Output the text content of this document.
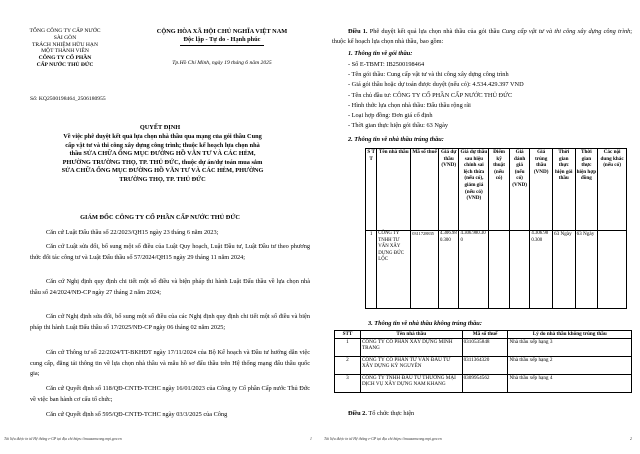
TỔNG CÔNG TY CẤP NƯỚC
SÀI GÒN
TRÁCH NHIỆM HỮU HẠN
MỘT THÀNH VIÊN
CÔNG TY CỔ PHẦN
CẤP NƯỚC THỦ ĐỨC
CỘNG HÒA XÃ HỘI CHỦ NGHĨA VIỆT NAM
Độc lập - Tự do - Hạnh phúc
Tp.Hồ Chí Minh, ngày 19 tháng 6 năm 2025
Số: KQ2500198464_2506180955
QUYẾT ĐỊNH
Về việc phê duyệt kết quả lựa chọn nhà thầu qua mạng của gói thầu Cung
cấp vật tư và thi công xây dựng công trình; thuộc kế hoạch lựa chọn nhà
thầu SỬA CHỮA ỐNG MỤC ĐƯỜNG HỒ VĂN TƯ VÀ CÁC HẺM,
PHƯỜNG TRƯỜNG THỌ, TP. THỦ ĐỨC, thuộc dự án/dự toán mua sắm
SỬA CHỮA ỐNG MỤC ĐƯỜNG HỒ VĂN TƯ VÀ CÁC HẺM, PHƯỜNG
TRƯỜNG THỌ, TP. THỦ ĐỨC
GIÁM ĐỐC CÔNG TY CỔ PHẦN CẤP NƯỚC THỦ ĐỨC
Căn cứ Luật Đấu thầu số 22/2023/QH15 ngày 23 tháng 6 năm 2023;
Căn cứ Luật sửa đổi, bổ sung một số điều của Luật Quy hoạch, Luật Đầu tư, Luật Đầu tư theo phương thức đối tác công tư và Luật Đấu thầu số 57/2024/QH15 ngày 29 tháng 11 năm 2024;
Căn cứ Nghị định quy định chi tiết một số điều và biện pháp thi hành Luật Đấu thầu về lựa chọn nhà thầu số 24/2024/NĐ-CP ngày 27 tháng 2 năm 2024;
Căn cứ Nghị định sửa đổi, bổ sung một số điều của các Nghị định quy định chi tiết một số điều và biện pháp thi hành Luật Đấu thầu số 17/2025/NĐ-CP ngày 06 tháng 02 năm 2025;
Căn cứ Thông tư số 22/2024/TT-BKHĐT ngày 17/11/2024 của Bộ Kế hoạch và Đầu tư hướng dẫn việc cung cấp, đăng tải thông tin về lựa chọn nhà thầu và mẫu hồ sơ đấu thầu trên Hệ thống mạng đấu thầu quốc gia;
Căn cứ Quyết định số 118/QĐ-CNTĐ-TCHC ngày 16/01/2023 của Công ty Cổ phần Cấp nước Thủ Đức về việc ban hành cơ cấu tổ chức;
Căn cứ Quyết định số 595/QĐ-CNTĐ-TCHC ngày 03/3/2025 của Công
Tài liệu được in từ Hệ thống e-GP tại địa chỉ https://muasamcong.mpi.gov.vn	1
Điều 1. Phê duyệt kết quả lựa chọn nhà thầu của gói thầu Cung cấp vật tư và thi công xây dựng công trình; thuộc kế hoạch lựa chọn nhà thầu, bao gồm:
1. Thông tin về gói thầu:
- Số E-TBMT: IB2500198464
- Tên gói thầu: Cung cấp vật tư và thi công xây dựng công trình
- Giá gói thầu hoặc dự toán được duyệt (nếu có): 4.534.429.397 VND
- Tên chủ đầu tư: CÔNG TY CỔ PHẦN CẤP NƯỚC THỦ ĐỨC
- Hình thức lựa chọn nhà thầu: Đấu thầu rộng rãi
- Loại hợp đồng: Đơn giá cố định
- Thời gian thực hiện gói thầu: 63 Ngày
2. Thông tin về nhà thầu trúng thầu:
S T T	Tên nhà thầu	Mã số thuế	Giá dự thầu (VND)	Giá dự thầu sau hiệu chỉnh sai lệch thừa (nếu có), giảm giá (nếu có) (VND)	Điểm kỹ thuật (nếu có)	Giá đánh giá (nếu có) (VND)	Giá trúng thầu (VND)	Thời gian thực hiện gói thầu	Thời gian thực hiện hợp đồng	Các nội dung khác (nếu có)
1	CÔNG TY TNHH TƯ VẤN XÂY DỰNG ĐỨC LỘC	0311728835	4.306.980.300	4.306.980.300			4.306.980.300	63 Ngày	63 Ngày	
3. Thông tin về nhà thầu không trúng thầu:
STT	Tên nhà thầu	Mã số thuế	Lý do nhà thầu không trúng thầu
1	CÔNG TY CỔ PHẦN XÂY DỰNG MINH TRANG	0310535848	Nhà thầu xếp hạng 3
2	CÔNG TY CỔ PHẦN TƯ VẤN ĐẦU TƯ XÂY DỰNG KỲ NGUYÊN	0311364320	Nhà thầu xếp hạng 2
3	CÔNG TY TNHH ĐẦU TƯ THƯƠNG MẠI DỊCH VỤ XÂY DỰNG NAM KHANG	0309954562	Nhà thầu xếp hạng 4
Điều 2. Tổ chức thực hiện
Tài liệu được in từ Hệ thống e-GP tại địa chỉ https://muasamcong.mpi.gov.vn	2
